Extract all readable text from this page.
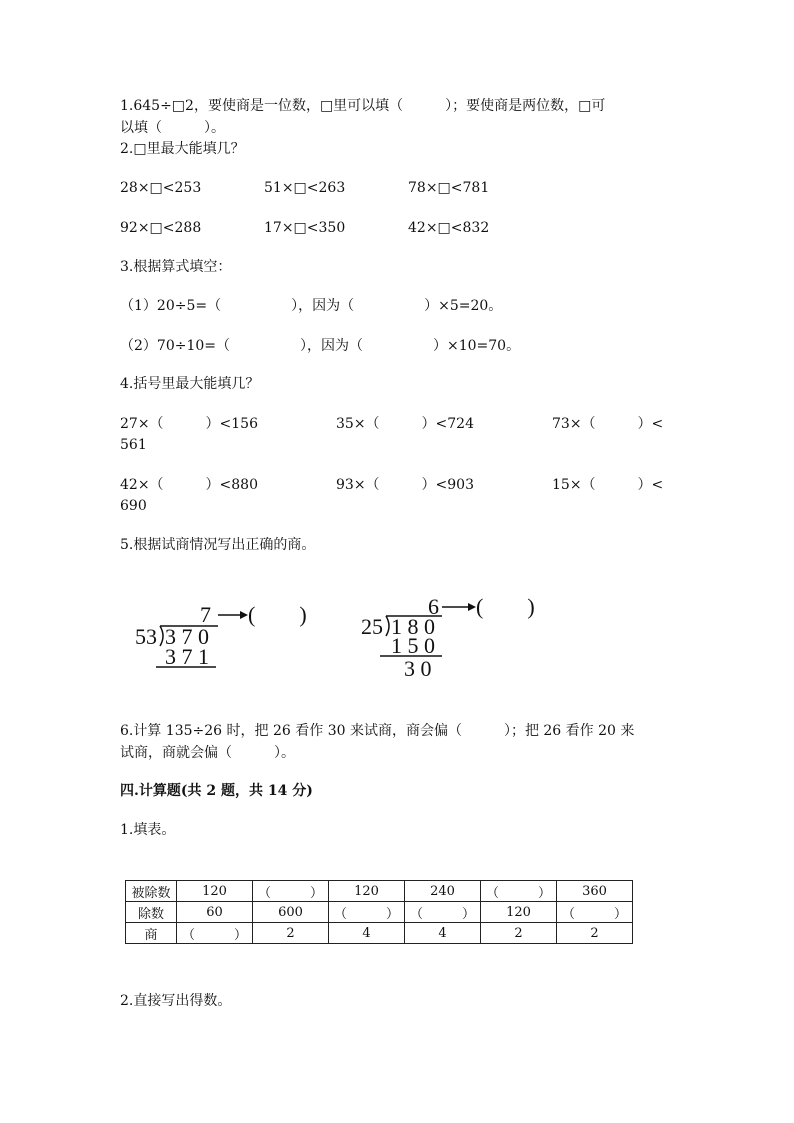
1.645÷□2，要使商是一位数，□里可以填（　　　）；要使商是两位数，□可
以填（　　　）。
2.□里最大能填几？
28×□<253	51×□<263	78×□<781
92×□<288	17×□<350	42×□<832
3.根据算式填空：
（1）20÷5=（　　　　　），因为（　　　　　）×5=20。
（2）70÷10=（　　　　　），因为（　　　　　）×10=70。
4.括号里最大能填几？
27×（　　　）<156	35×（　　　）<724	73×（　　　）<
561
42×（　　　）<880	93×（　　　）<903	15×（　　　）<
690
5.根据试商情况写出正确的商。
7 (　　)
53 3 7 0
3 7 1
6 (　　)
25 1 8 0
1 5 0
3 0
6.计算 135÷26 时，把 26 看作 30 来试商，商会偏（　　　）；把 26 看作 20 来
试商，商就会偏（　　　）。
四.计算题(共 2 题，共 14 分)
1.填表。
被除数	120	（　　　）	120	240	（　　　）	360
除数	60	600	（　　　）	（　　　）	120	（　　　）
商	（　　　）	2	4	4	2	2
2.直接写出得数。
